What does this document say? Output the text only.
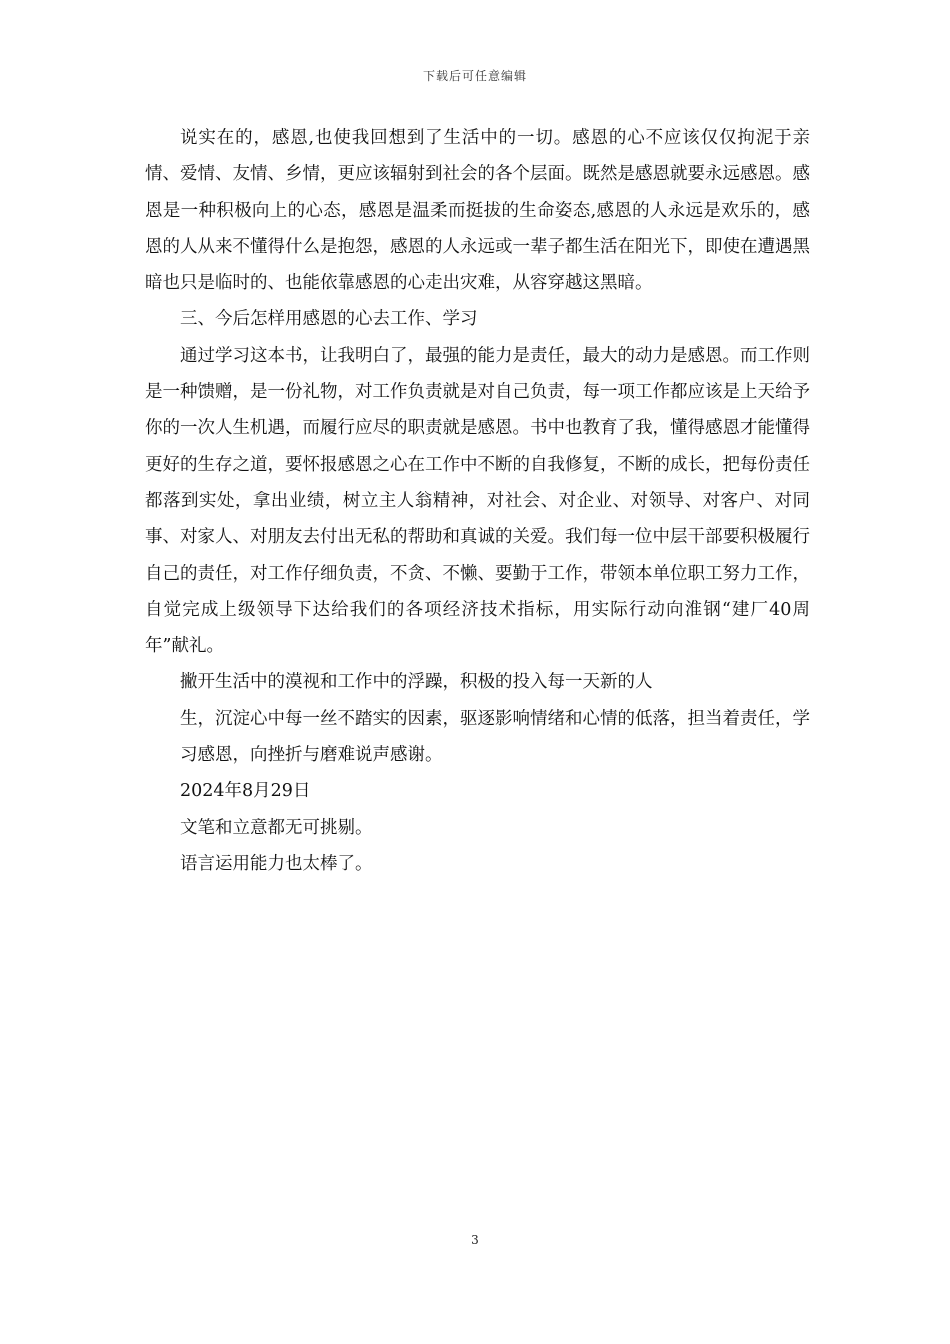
下载后可任意编辑

说实在的，感恩,也使我回想到了生活中的一切。感恩的心不应该仅仅拘泥于亲情、爱情、友情、乡情，更应该辐射到社会的各个层面。既然是感恩就要永远感恩。感恩是一种积极向上的心态，感恩是温柔而挺拔的生命姿态,感恩的人永远是欢乐的，感恩的人从来不懂得什么是抱怨，感恩的人永远或一辈子都生活在阳光下，即使在遭遇黑暗也只是临时的、也能依靠感恩的心走出灾难，从容穿越这黑暗。

三、今后怎样用感恩的心去工作、学习

通过学习这本书，让我明白了，最强的能力是责任，最大的动力是感恩。而工作则是一种馈赠，是一份礼物，对工作负责就是对自己负责，每一项工作都应该是上天给予你的一次人生机遇，而履行应尽的职责就是感恩。书中也教育了我，懂得感恩才能懂得更好的生存之道，要怀报感恩之心在工作中不断的自我修复，不断的成长，把每份责任都落到实处，拿出业绩，树立主人翁精神，对社会、对企业、对领导、对客户、对同事、对家人、对朋友去付出无私的帮助和真诚的关爱。我们每一位中层干部要积极履行自己的责任，对工作仔细负责，不贪、不懒、要勤于工作，带领本单位职工努力工作，自觉完成上级领导下达给我们的各项经济技术指标，用实际行动向淮钢“建厂40周年”献礼。

撇开生活中的漠视和工作中的浮躁，积极的投入每一天新的人

生，沉淀心中每一丝不踏实的因素，驱逐影响情绪和心情的低落，担当着责任，学习感恩，向挫折与磨难说声感谢。

2024年8月29日

文笔和立意都无可挑剔。

语言运用能力也太棒了。

3
